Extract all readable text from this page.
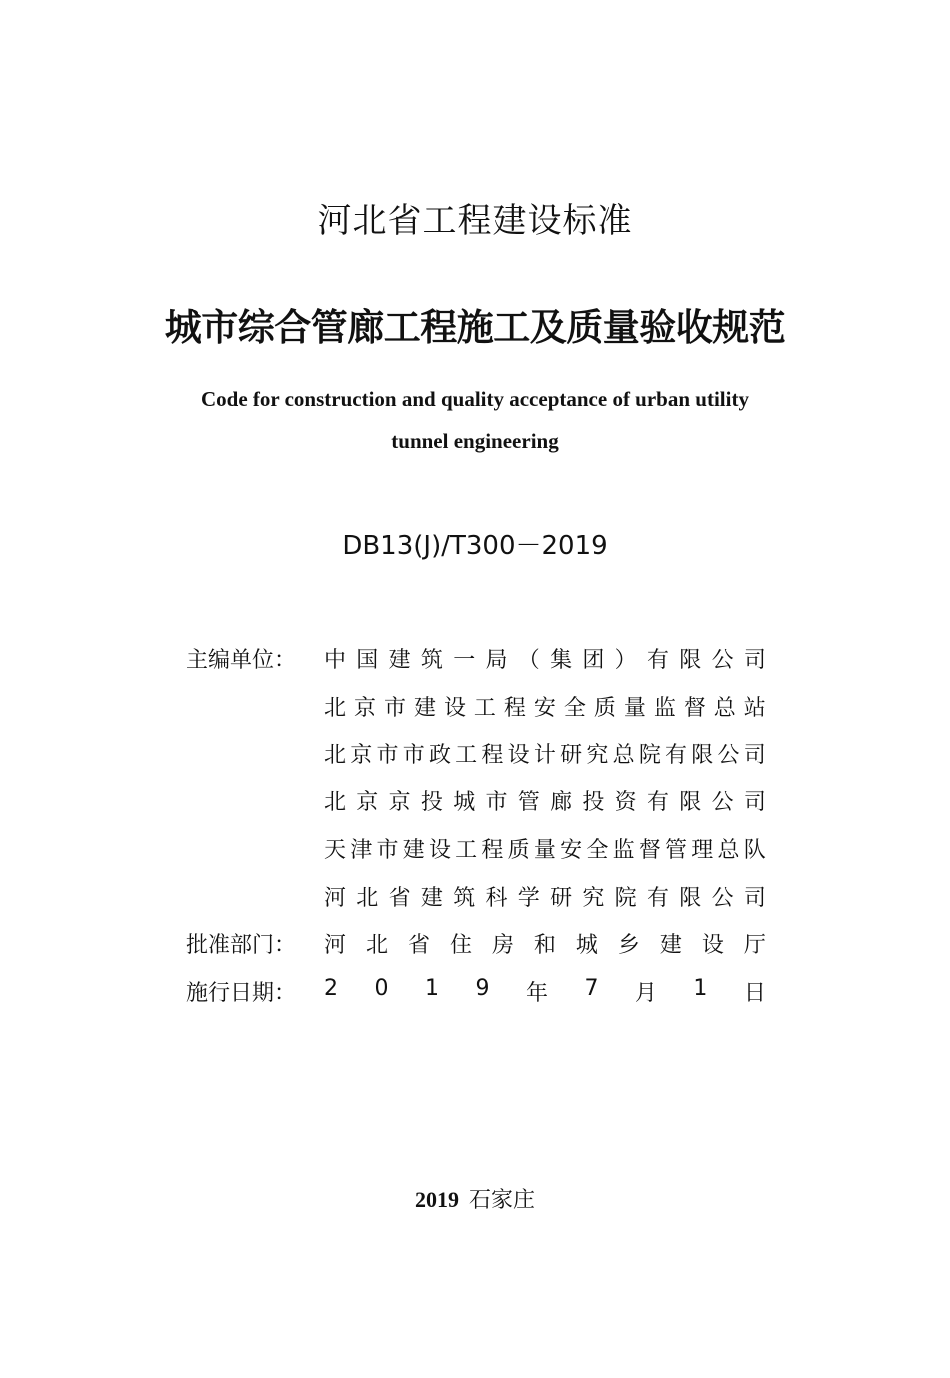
河北省工程建设标准
城市综合管廊工程施工及质量验收规范
Code for construction and quality acceptance of urban utility
tunnel engineering
DB13(J)/T300－2019
主编单位：	中 国 建 筑 一 局 （ 集 团 ） 有 限 公 司
北 京 市 建 设 工 程 安 全 质 量 监 督 总 站
北 京 市 市 政 工 程 设 计 研 究 总 院 有 限 公 司
北 京 京 投 城 市 管 廊 投 资 有 限 公 司
天 津 市 建 设 工 程 质 量 安 全 监 督 管 理 总 队
河 北 省 建 筑 科 学 研 究 院 有 限 公 司
批准部门：	河 北 省 住 房 和 城 乡 建 设 厅
施行日期：	2 0 1 9 年 7 月 1 日
2019 石家庄
